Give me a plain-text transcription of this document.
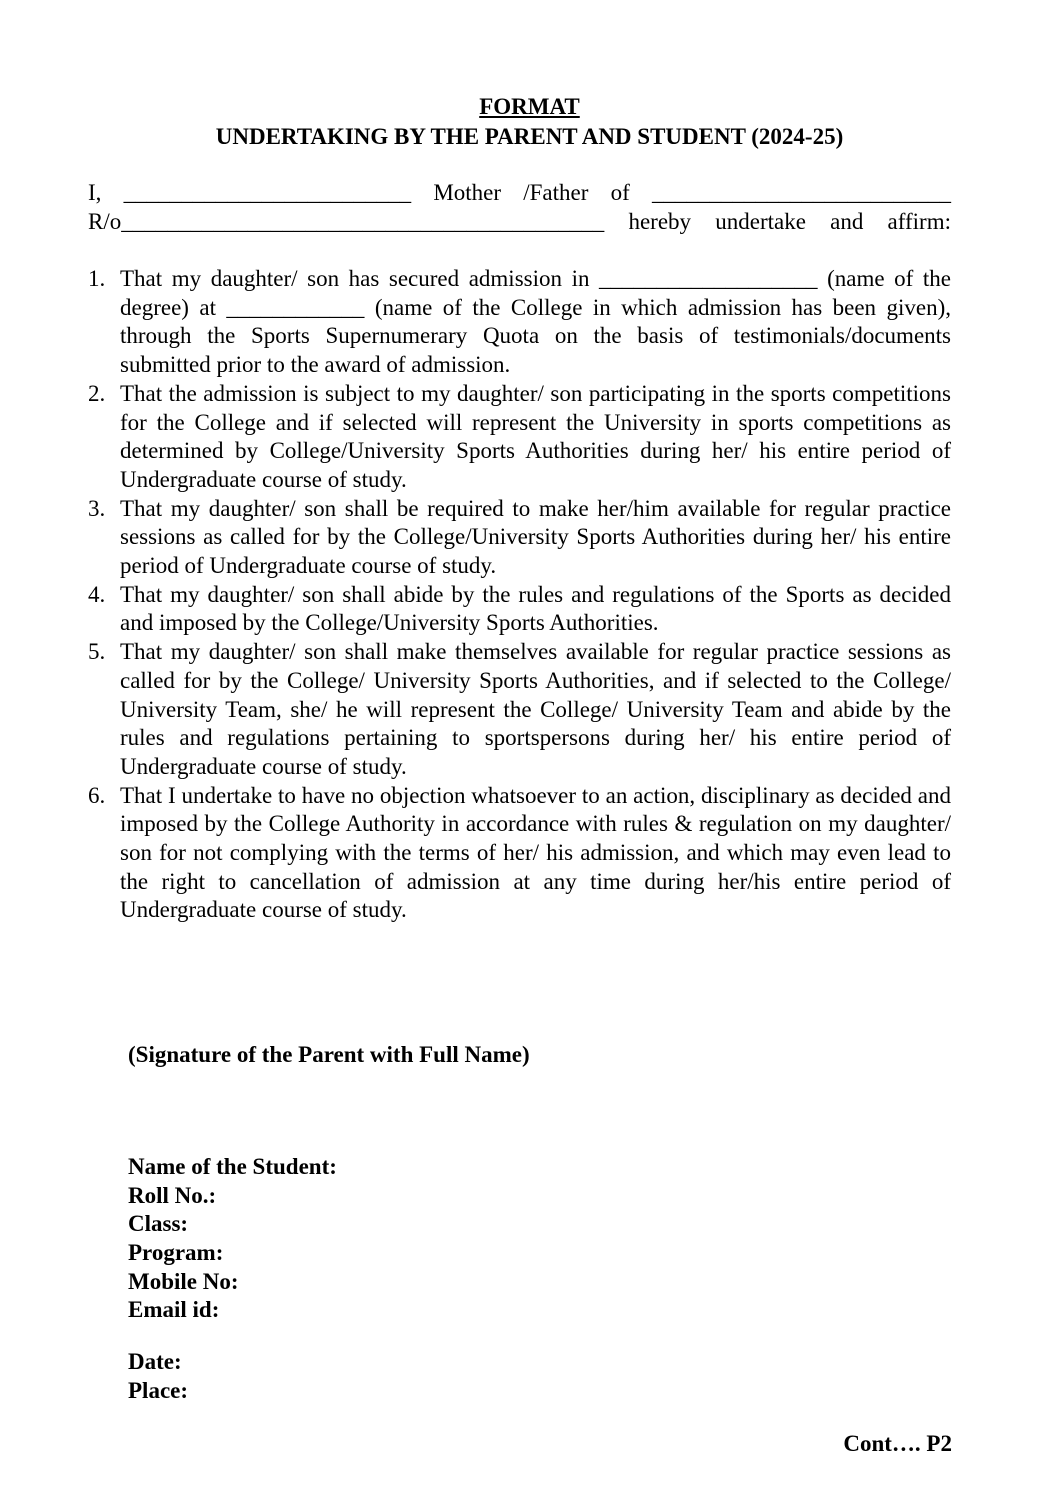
FORMAT
UNDERTAKING BY THE PARENT AND STUDENT (2024-25)
I, _________________________ Mother /Father of __________________________
R/o__________________________________________ hereby undertake and affirm:
1. That my daughter/ son has secured admission in ___________________ (name of the degree) at ____________ (name of the College in which admission has been given), through the Sports Supernumerary Quota on the basis of testimonials/documents submitted prior to the award of admission.
2. That the admission is subject to my daughter/ son participating in the sports competitions for the College and if selected will represent the University in sports competitions as determined by College/University Sports Authorities during her/ his entire period of Undergraduate course of study.
3. That my daughter/ son shall be required to make her/him available for regular practice sessions as called for by the College/University Sports Authorities during her/ his entire period of Undergraduate course of study.
4. That my daughter/ son shall abide by the rules and regulations of the Sports as decided and imposed by the College/University Sports Authorities.
5. That my daughter/ son shall make themselves available for regular practice sessions as called for by the College/ University Sports Authorities, and if selected to the College/ University Team, she/ he will represent the College/ University Team and abide by the rules and regulations pertaining to sportspersons during her/ his entire period of Undergraduate course of study.
6. That I undertake to have no objection whatsoever to an action, disciplinary as decided and imposed by the College Authority in accordance with rules & regulation on my daughter/ son for not complying with the terms of her/ his admission, and which may even lead to the right to cancellation of admission at any time during her/his entire period of Undergraduate course of study.
(Signature of the Parent with Full Name)
Name of the Student:
Roll No.:
Class:
Program:
Mobile No:
Email id:
Date:
Place:
Cont…. P2
